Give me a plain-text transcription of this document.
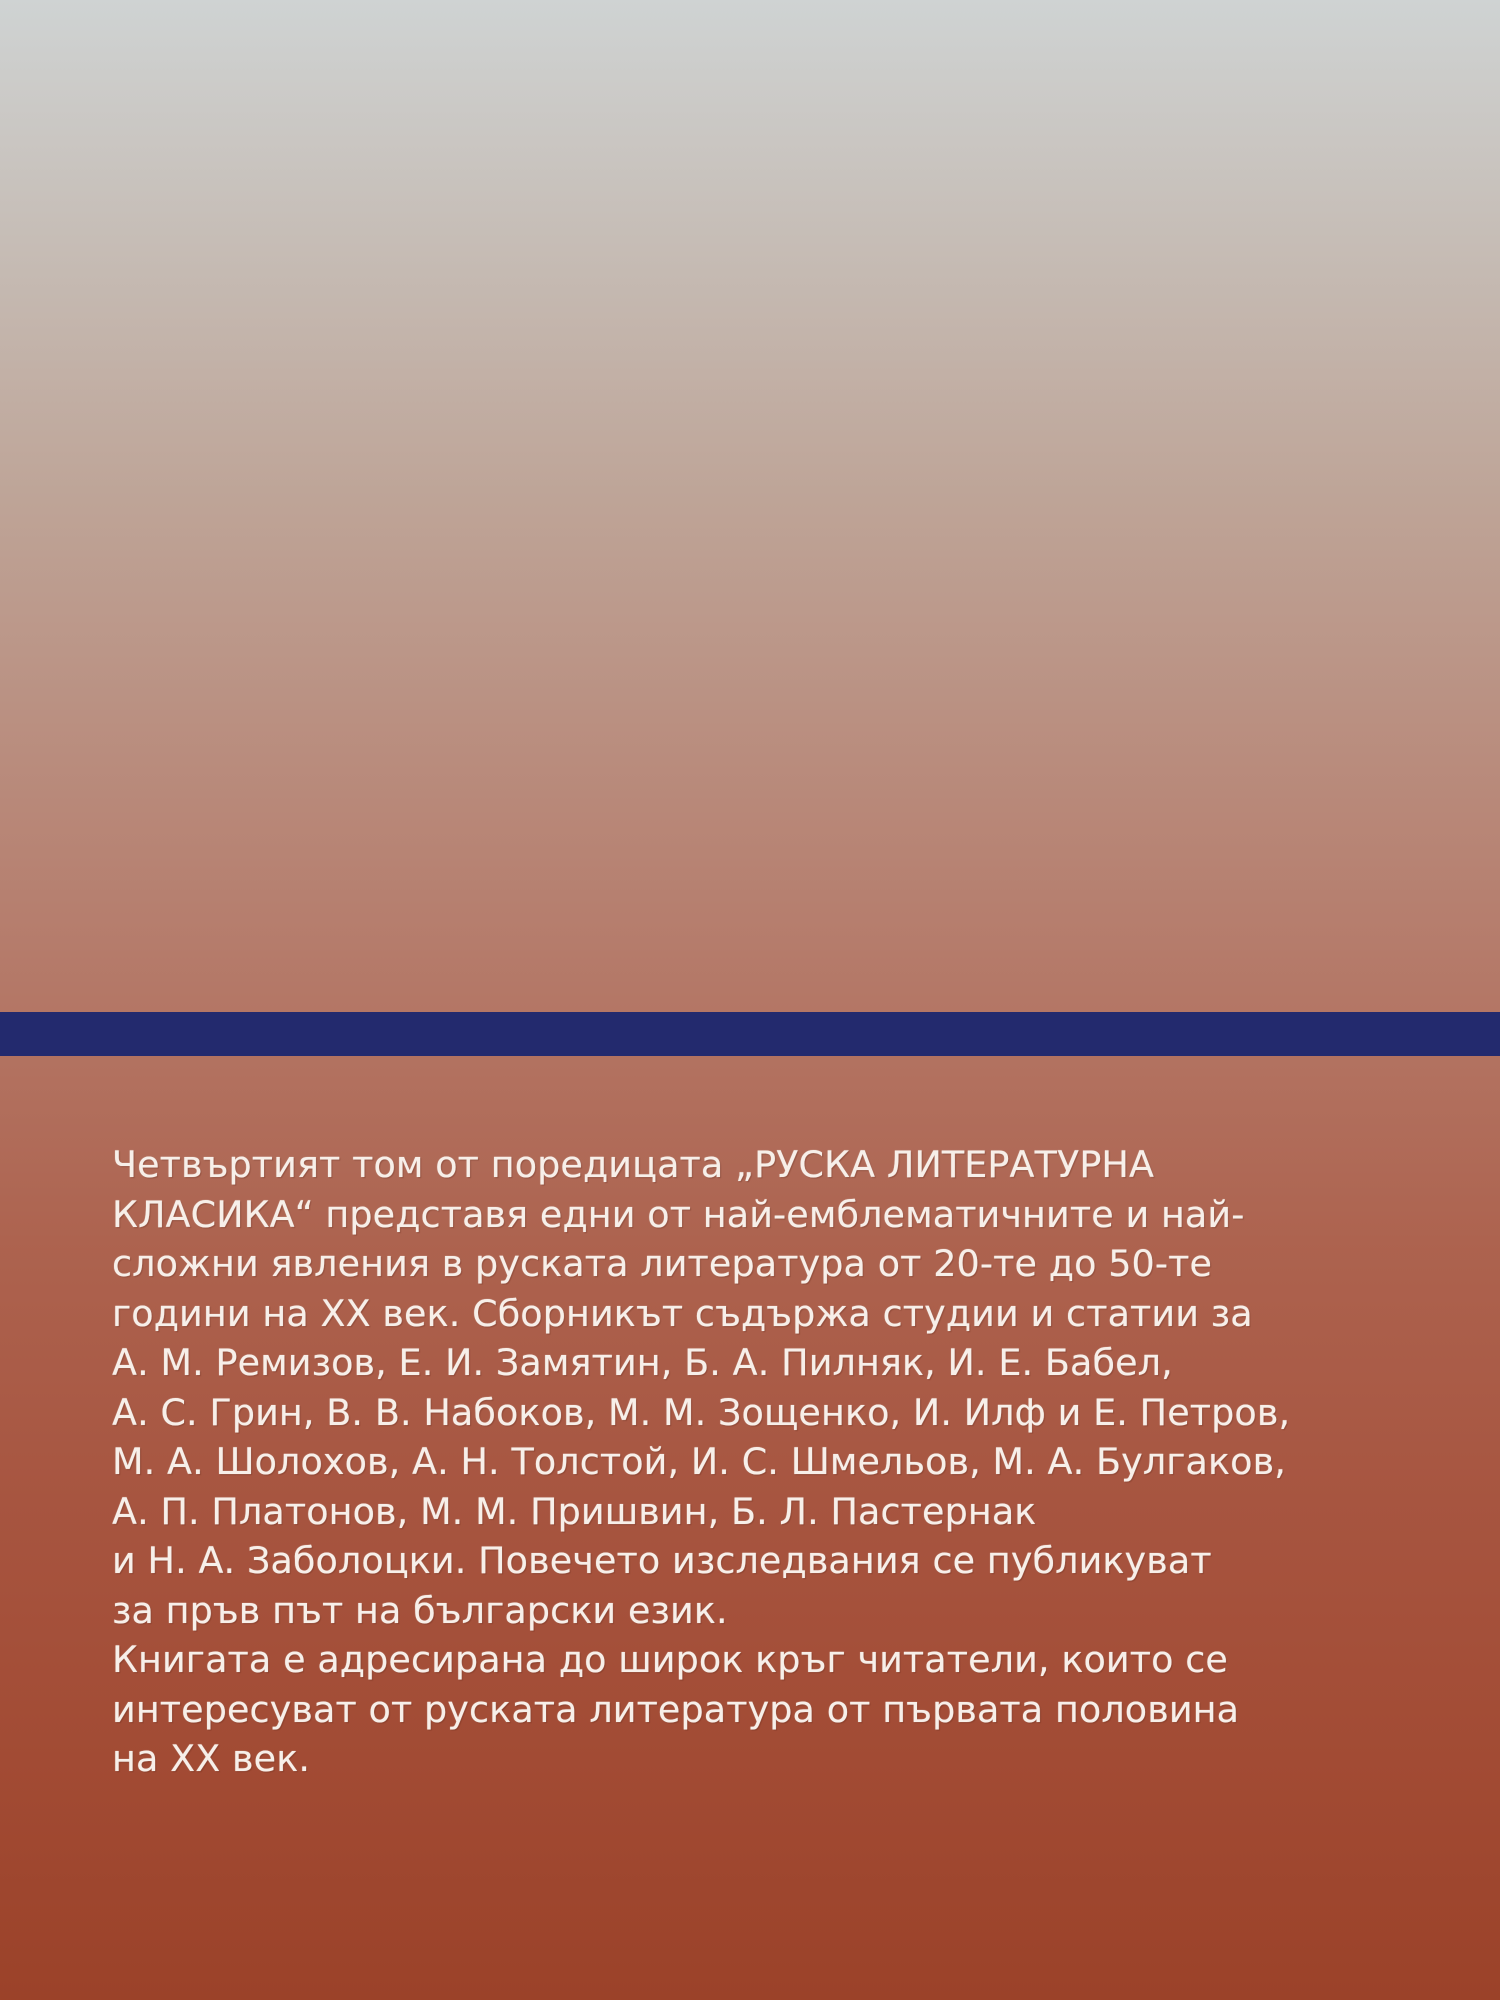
Четвъртият том от поредицата „РУСКА ЛИТЕРАТУРНА
КЛАСИКА“ представя едни от най-емблематичните и най-
сложни явления в руската литература от 20-те до 50-те
години на XX век. Сборникът съдържа студии и статии за
А. М. Ремизов, Е. И. Замятин, Б. А. Пилняк, И. Е. Бабел,
А. С. Грин, В. В. Набоков, М. М. Зощенко, И. Илф и Е. Петров,
М. А. Шолохов, А. Н. Толстой, И. С. Шмельов, М. А. Булгаков,
А. П. Платонов, М. М. Пришвин, Б. Л. Пастернак
и Н. А. Заболоцки. Повечето изследвания се публикуват
за пръв път на български език.
Книгата е адресирана до широк кръг читатели, които се
интересуват от руската литература от първата половина
на XX век.
